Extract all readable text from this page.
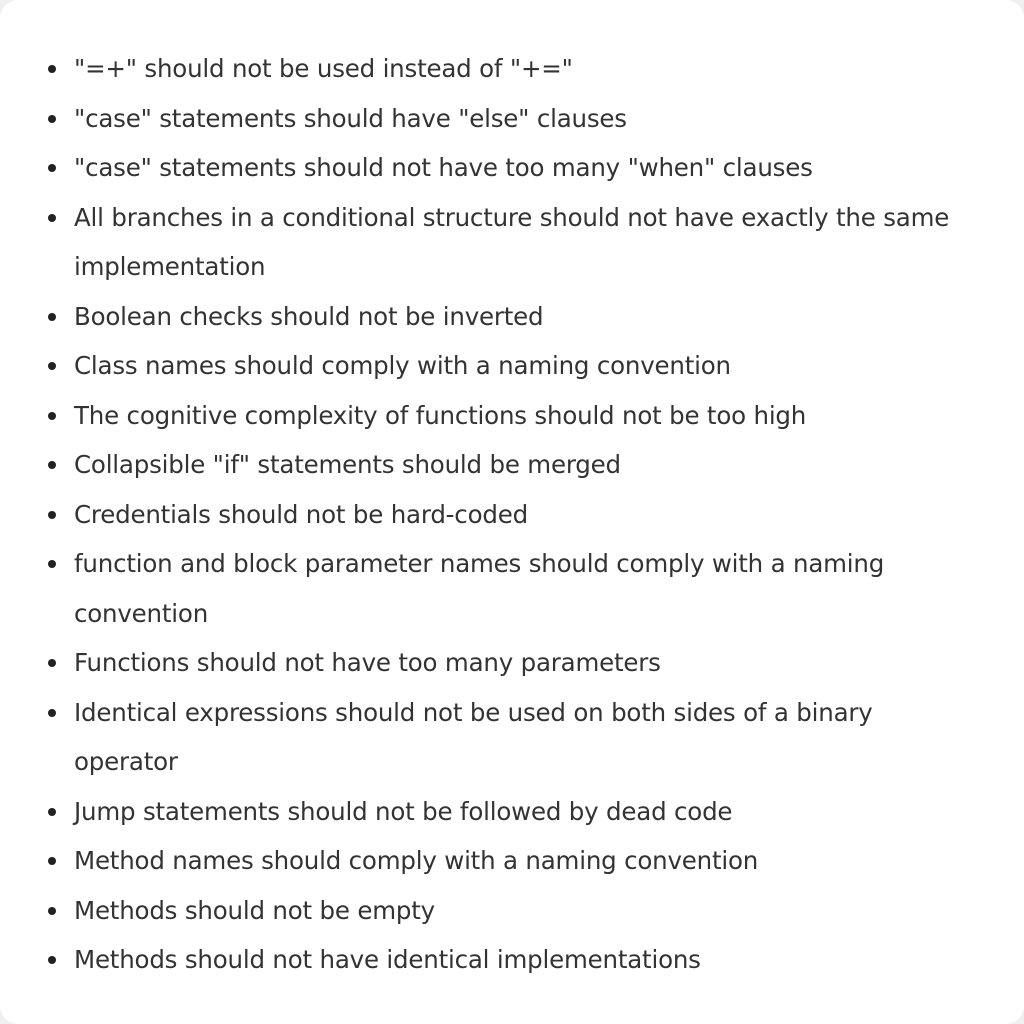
"=+" should not be used instead of "+="
"case" statements should have "else" clauses
"case" statements should not have too many "when" clauses
All branches in a conditional structure should not have exactly the same implementation
Boolean checks should not be inverted
Class names should comply with a naming convention
The cognitive complexity of functions should not be too high
Collapsible "if" statements should be merged
Credentials should not be hard-coded
function and block parameter names should comply with a naming convention
Functions should not have too many parameters
Identical expressions should not be used on both sides of a binary operator
Jump statements should not be followed by dead code
Method names should comply with a naming convention
Methods should not be empty
Methods should not have identical implementations
